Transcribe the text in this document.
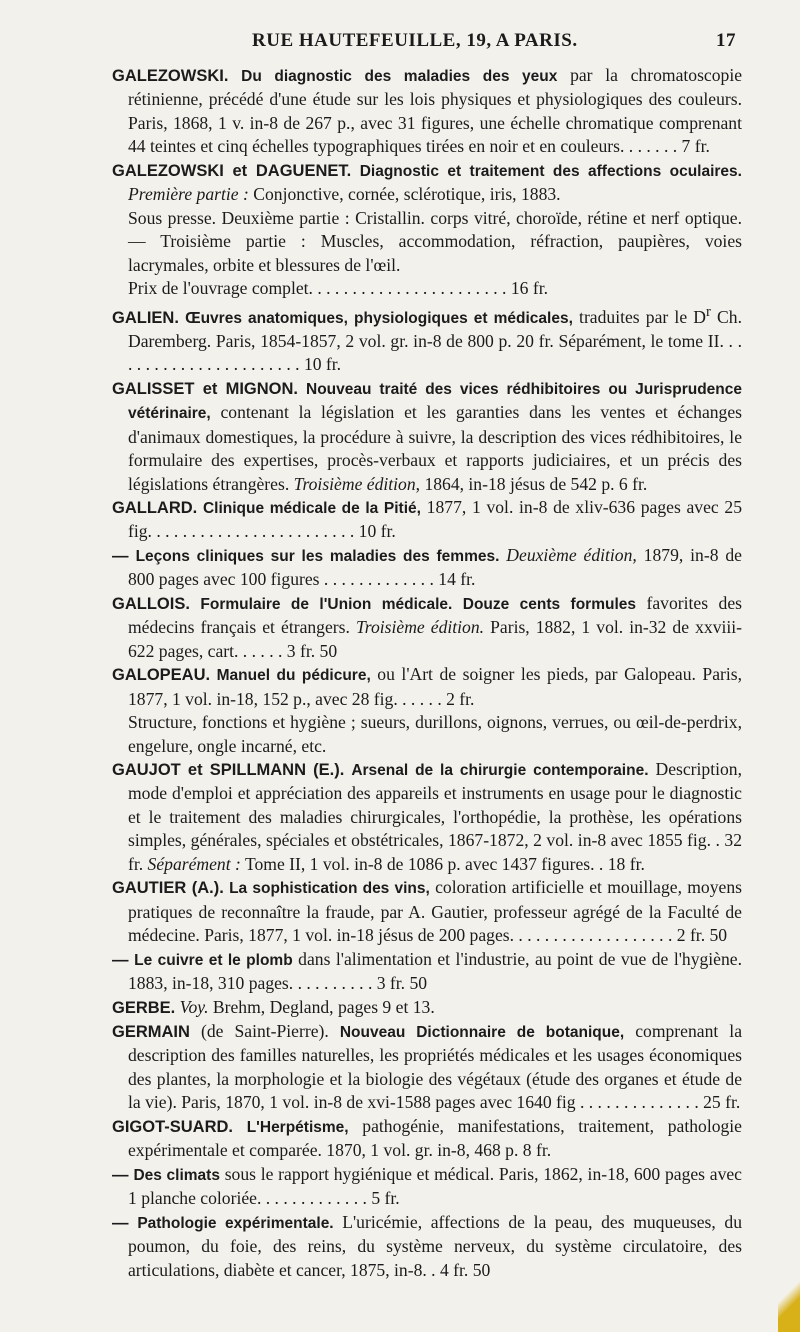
RUE HAUTEFEUILLE, 19, A PARIS.	17

GALEZOWSKI. Du diagnostic des maladies des yeux par la chromatoscopie rétinienne, précédé d'une étude sur les lois physiques et physiologiques des couleurs. Paris, 1868, 1 v. in-8 de 267 p., avec 31 figures, une échelle chromatique comprenant 44 teintes et cinq échelles typographiques tirées en noir et en couleurs. . . . . . . 7 fr.

GALEZOWSKI et DAGUENET. Diagnostic et traitement des affections oculaires. Première partie : Conjonctive, cornée, sclérotique, iris, 1883.

Sous presse. Deuxième partie : Cristallin. corps vitré, choroïde, rétine et nerf optique. — Troisième partie : Muscles, accommodation, réfraction, paupières, voies lacrymales, orbite et blessures de l'œil.

Prix de l'ouvrage complet. . . . . . . . . . . . . . . . . . . . . . . 16 fr.

GALIEN. Œuvres anatomiques, physiologiques et médicales, traduites par le $D^r$ Ch. Daremberg. Paris, 1854-1857, 2 vol. gr. in-8 de 800 p. 20 fr. Séparément, le tome II. . . . . . . . . . . . . . . . . . . . . . . 10 fr.

GALISSET et MIGNON. Nouveau traité des vices rédhibitoires ou Jurisprudence vétérinaire, contenant la législation et les garanties dans les ventes et échanges d'animaux domestiques, la procédure à suivre, la description des vices rédhibitoires, le formulaire des expertises, procès-verbaux et rapports judiciaires, et un précis des législations étrangères. Troisième édition, 1864, in-18 jésus de 542 p. 6 fr.

GALLARD. Clinique médicale de la Pitié, 1877, 1 vol. in-8 de xliv-636 pages avec 25 fig. . . . . . . . . . . . . . . . . . . . . . . . 10 fr.

— Leçons cliniques sur les maladies des femmes. Deuxième édition, 1879, in-8 de 800 pages avec 100 figures . . . . . . . . . . . . . 14 fr.

GALLOIS. Formulaire de l'Union médicale. Douze cents formules favorites des médecins français et étrangers. Troisième édition. Paris, 1882, 1 vol. in-32 de xxviii-622 pages, cart. . . . . . 3 fr. 50

GALOPEAU. Manuel du pédicure, ou l'Art de soigner les pieds, par Galopeau. Paris, 1877, 1 vol. in-18, 152 p., avec 28 fig. . . . . . 2 fr.

Structure, fonctions et hygiène ; sueurs, durillons, oignons, verrues, ou œil-de-perdrix, engelure, ongle incarné, etc.

GAUJOT et SPILLMANN (E.). Arsenal de la chirurgie contemporaine. Description, mode d'emploi et appréciation des appareils et instruments en usage pour le diagnostic et le traitement des maladies chirurgicales, l'orthopédie, la prothèse, les opérations simples, générales, spéciales et obstétricales, 1867-1872, 2 vol. in-8 avec 1855 fig. . 32 fr. Séparément : Tome II, 1 vol. in-8 de 1086 p. avec 1437 figures. . 18 fr.

GAUTIER (A.). La sophistication des vins, coloration artificielle et mouillage, moyens pratiques de reconnaître la fraude, par A. Gautier, professeur agrégé de la Faculté de médecine. Paris, 1877, 1 vol. in-18 jésus de 200 pages. . . . . . . . . . . . . . . . . . . 2 fr. 50

— Le cuivre et le plomb dans l'alimentation et l'industrie, au point de vue de l'hygiène. 1883, in-18, 310 pages. . . . . . . . . . 3 fr. 50

GERBE. Voy. Brehm, Degland, pages 9 et 13.

GERMAIN (de Saint-Pierre). Nouveau Dictionnaire de botanique, comprenant la description des familles naturelles, les propriétés médicales et les usages économiques des plantes, la morphologie et la biologie des végétaux (étude des organes et étude de la vie). Paris, 1870, 1 vol. in-8 de xvi-1588 pages avec 1640 fig . . . . . . . . . . . . . . 25 fr.

GIGOT-SUARD. L'Herpétisme, pathogénie, manifestations, traitement, pathologie expérimentale et comparée. 1870, 1 vol. gr. in-8, 468 p. 8 fr.

— Des climats sous le rapport hygiénique et médical. Paris, 1862, in-18, 600 pages avec 1 planche coloriée. . . . . . . . . . . . . 5 fr.

— Pathologie expérimentale. L'uricémie, affections de la peau, des muqueuses, du poumon, du foie, des reins, du système nerveux, du système circulatoire, des articulations, diabète et cancer, 1875, in-8. . 4 fr. 50
